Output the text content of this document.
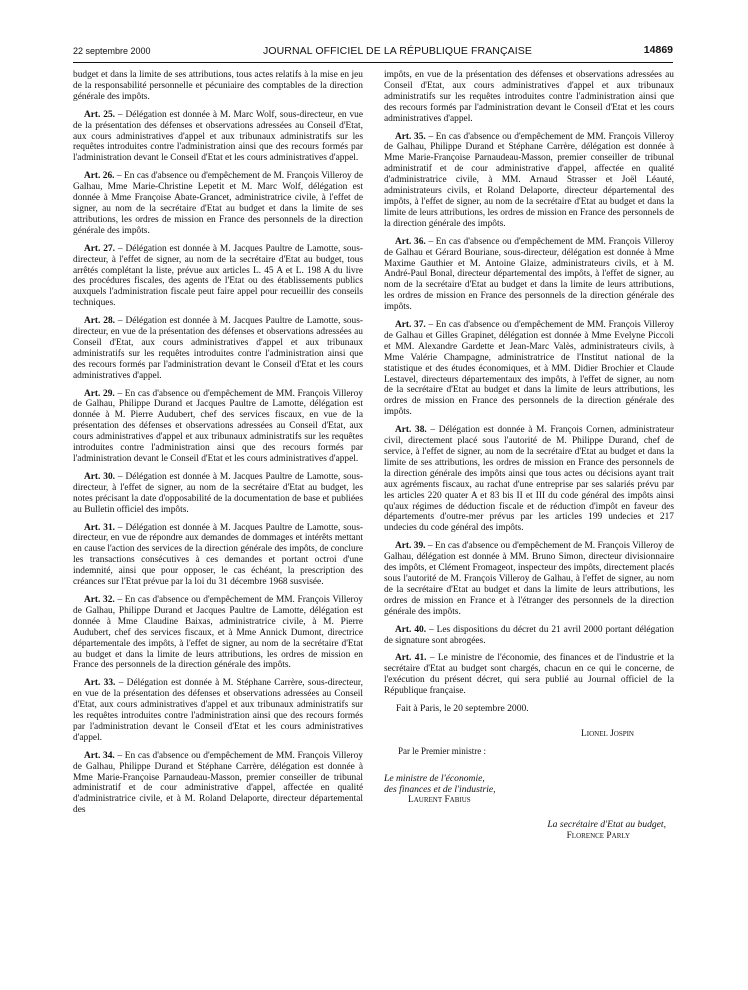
22 septembre 2000	JOURNAL OFFICIEL DE LA RÉPUBLIQUE FRANÇAISE	14869

budget et dans la limite de ses attributions, tous actes relatifs à la mise en jeu de la responsabilité personnelle et pécuniaire des comptables de la direction générale des impôts.

Art. 25. – Délégation est donnée à M. Marc Wolf, sous-directeur, en vue de la présentation des défenses et observations adressées au Conseil d'Etat, aux cours administratives d'appel et aux tribunaux administratifs sur les requêtes introduites contre l'administration ainsi que des recours formés par l'administration devant le Conseil d'Etat et les cours administratives d'appel.

Art. 26. – En cas d'absence ou d'empêchement de M. François Villeroy de Galhau, Mme Marie-Christine Lepetit et M. Marc Wolf, délégation est donnée à Mme Françoise Abate-Grancet, administratrice civile, à l'effet de signer, au nom de la secrétaire d'Etat au budget et dans la limite de ses attributions, les ordres de mission en France des personnels de la direction générale des impôts.

Art. 27. – Délégation est donnée à M. Jacques Paultre de Lamotte, sous-directeur, à l'effet de signer, au nom de la secrétaire d'Etat au budget, tous arrêtés complétant la liste, prévue aux articles L. 45 A et L. 198 A du livre des procédures fiscales, des agents de l'Etat ou des établissements publics auxquels l'administration fiscale peut faire appel pour recueillir des conseils techniques.

Art. 28. – Délégation est donnée à M. Jacques Paultre de Lamotte, sous-directeur, en vue de la présentation des défenses et observations adressées au Conseil d'Etat, aux cours administratives d'appel et aux tribunaux administratifs sur les requêtes introduites contre l'administration ainsi que des recours formés par l'administration devant le Conseil d'Etat et les cours administratives d'appel.

Art. 29. – En cas d'absence ou d'empêchement de MM. François Villeroy de Galhau, Philippe Durand et Jacques Paultre de Lamotte, délégation est donnée à M. Pierre Audubert, chef des services fiscaux, en vue de la présentation des défenses et observations adressées au Conseil d'Etat, aux cours administratives d'appel et aux tribunaux administratifs sur les requêtes introduites contre l'administration ainsi que des recours formés par l'administration devant le Conseil d'Etat et les cours administratives d'appel.

Art. 30. – Délégation est donnée à M. Jacques Paultre de Lamotte, sous-directeur, à l'effet de signer, au nom de la secrétaire d'Etat au budget, les notes précisant la date d'opposabilité de la documentation de base et publiées au Bulletin officiel des impôts.

Art. 31. – Délégation est donnée à M. Jacques Paultre de Lamotte, sous-directeur, en vue de répondre aux demandes de dommages et intérêts mettant en cause l'action des services de la direction générale des impôts, de conclure les transactions consécutives à ces demandes et portant octroi d'une indemnité, ainsi que pour opposer, le cas échéant, la prescription des créances sur l'Etat prévue par la loi du 31 décembre 1968 susvisée.

Art. 32. – En cas d'absence ou d'empêchement de MM. François Villeroy de Galhau, Philippe Durand et Jacques Paultre de Lamotte, délégation est donnée à Mme Claudine Baixas, administratrice civile, à M. Pierre Audubert, chef des services fiscaux, et à Mme Annick Dumont, directrice départementale des impôts, à l'effet de signer, au nom de la secrétaire d'Etat au budget et dans la limite de leurs attributions, les ordres de mission en France des personnels de la direction générale des impôts.

Art. 33. – Délégation est donnée à M. Stéphane Carrère, sous-directeur, en vue de la présentation des défenses et observations adressées au Conseil d'Etat, aux cours administratives d'appel et aux tribunaux administratifs sur les requêtes introduites contre l'administration ainsi que des recours formés par l'administration devant le Conseil d'Etat et les cours administratives d'appel.

Art. 34. – En cas d'absence ou d'empêchement de MM. François Villeroy de Galhau, Philippe Durand et Stéphane Carrère, délégation est donnée à Mme Marie-Françoise Parnaudeau-Masson, premier conseiller de tribunal administratif et de cour administrative d'appel, affectée en qualité d'administratrice civile, et à M. Roland Delaporte, directeur départemental des

impôts, en vue de la présentation des défenses et observations adressées au Conseil d'Etat, aux cours administratives d'appel et aux tribunaux administratifs sur les requêtes introduites contre l'administration ainsi que des recours formés par l'administration devant le Conseil d'Etat et les cours administratives d'appel.

Art. 35. – En cas d'absence ou d'empêchement de MM. François Villeroy de Galhau, Philippe Durand et Stéphane Carrère, délégation est donnée à Mme Marie-Françoise Parnaudeau-Masson, premier conseiller de tribunal administratif et de cour administrative d'appel, affectée en qualité d'administratrice civile, à MM. Arnaud Strasser et Joël Léauté, administrateurs civils, et Roland Delaporte, directeur départemental des impôts, à l'effet de signer, au nom de la secrétaire d'Etat au budget et dans la limite de leurs attributions, les ordres de mission en France des personnels de la direction générale des impôts.

Art. 36. – En cas d'absence ou d'empêchement de MM. François Villeroy de Galhau et Gérard Bouriane, sous-directeur, délégation est donnée à Mme Maxime Gauthier et M. Antoine Glaize, administrateurs civils, et à M. André-Paul Bonal, directeur départemental des impôts, à l'effet de signer, au nom de la secrétaire d'Etat au budget et dans la limite de leurs attributions, les ordres de mission en France des personnels de la direction générale des impôts.

Art. 37. – En cas d'absence ou d'empêchement de MM. François Villeroy de Galhau et Gilles Grapinet, délégation est donnée à Mme Evelyne Piccoli et MM. Alexandre Gardette et Jean-Marc Valès, administrateurs civils, à Mme Valérie Champagne, administratrice de l'Institut national de la statistique et des études économiques, et à MM. Didier Brochier et Claude Lestavel, directeurs départementaux des impôts, à l'effet de signer, au nom de la secrétaire d'Etat au budget et dans la limite de leurs attributions, les ordres de mission en France des personnels de la direction générale des impôts.

Art. 38. – Délégation est donnée à M. François Cornen, administrateur civil, directement placé sous l'autorité de M. Philippe Durand, chef de service, à l'effet de signer, au nom de la secrétaire d'Etat au budget et dans la limite de ses attributions, les ordres de mission en France des personnels de la direction générale des impôts ainsi que tous actes ou décisions ayant trait aux agréments fiscaux, au rachat d'une entreprise par ses salariés prévu par les articles 220 quater A et 83 bis II et III du code général des impôts ainsi qu'aux régimes de déduction fiscale et de réduction d'impôt en faveur des départements d'outre-mer prévus par les articles 199 undecies et 217 undecies du code général des impôts.

Art. 39. – En cas d'absence ou d'empêchement de M. François Villeroy de Galhau, délégation est donnée à MM. Bruno Simon, directeur divisionnaire des impôts, et Clément Fromageot, inspecteur des impôts, directement placés sous l'autorité de M. François Villeroy de Galhau, à l'effet de signer, au nom de la secrétaire d'Etat au budget et dans la limite de leurs attributions, les ordres de mission en France et à l'étranger des personnels de la direction générale des impôts.

Art. 40. – Les dispositions du décret du 21 avril 2000 portant délégation de signature sont abrogées.

Art. 41. – Le ministre de l'économie, des finances et de l'industrie et la secrétaire d'Etat au budget sont chargés, chacun en ce qui le concerne, de l'exécution du présent décret, qui sera publié au Journal officiel de la République française.

Fait à Paris, le 20 septembre 2000.
Lionel Jospin
Par le Premier ministre :
Le ministre de l'économie,
des finances et de l'industrie,
Laurent Fabius
La secrétaire d'Etat au budget,
Florence Parly
